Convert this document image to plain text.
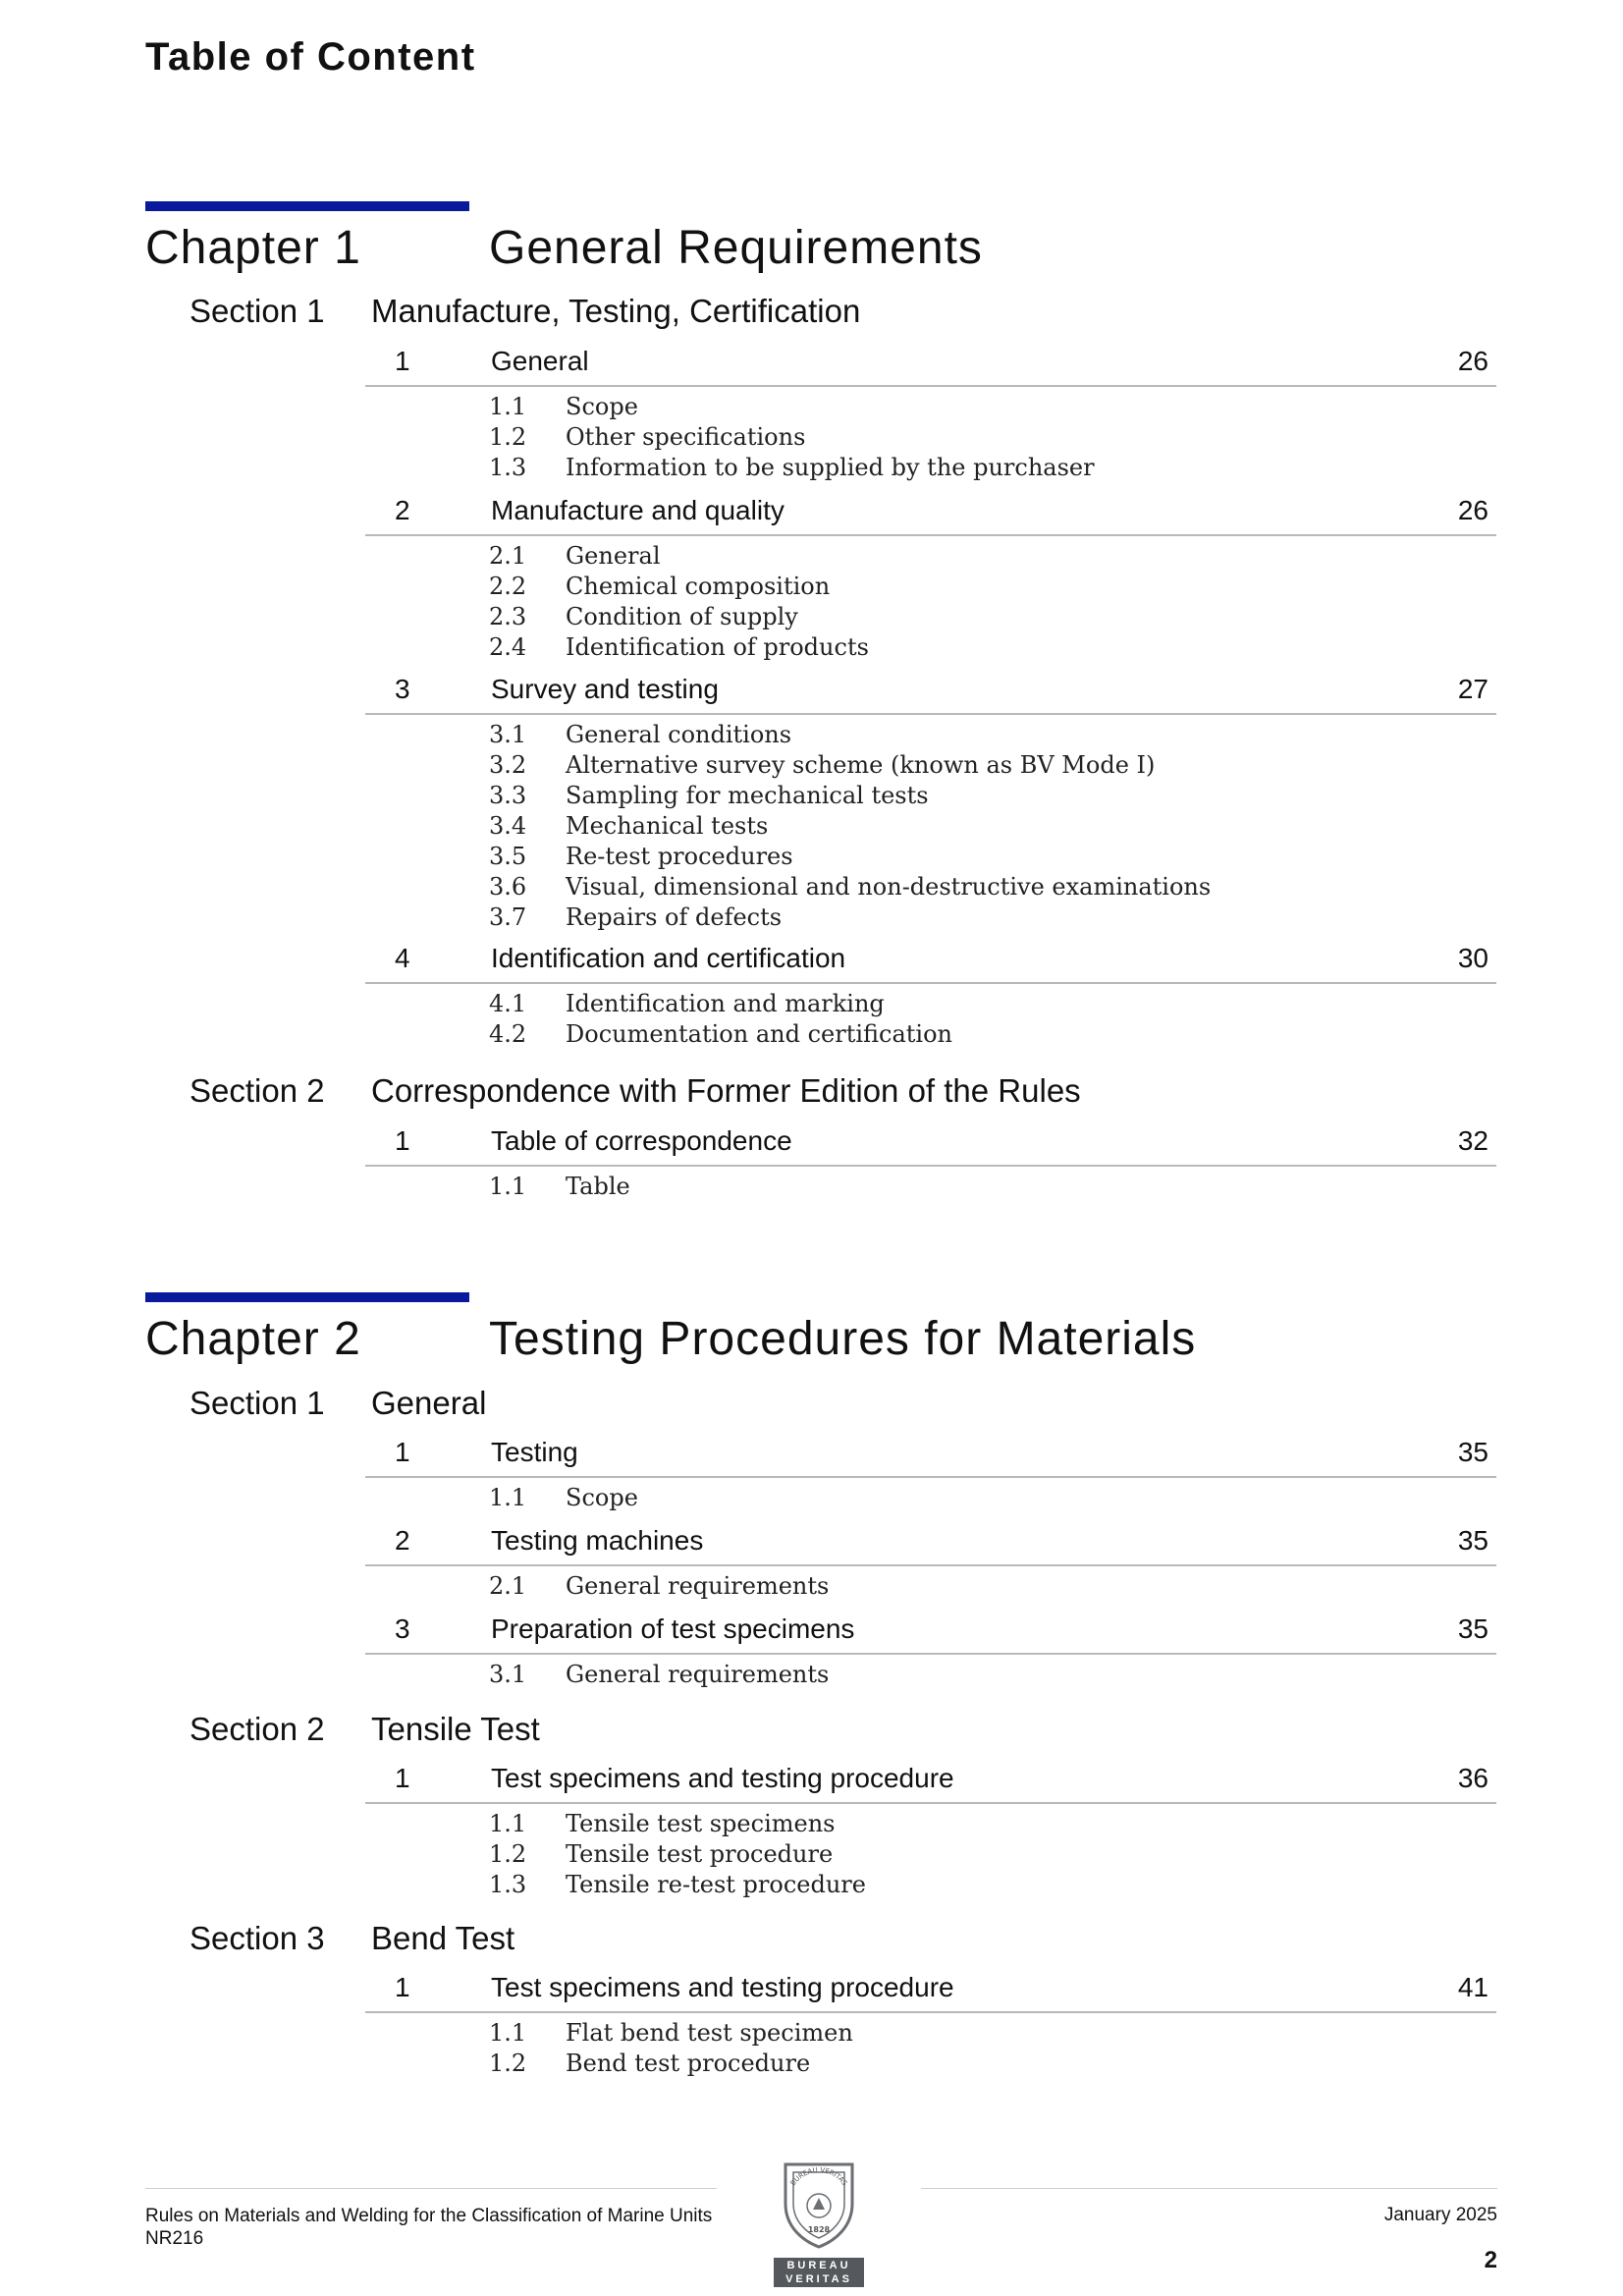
Table of Content
Chapter 1	General Requirements
Section 1 Manufacture, Testing, Certification
1	General	26
1.1 Scope
1.2 Other specifications
1.3 Information to be supplied by the purchaser
2	Manufacture and quality	26
2.1 General
2.2 Chemical composition
2.3 Condition of supply
2.4 Identification of products
3	Survey and testing	27
3.1 General conditions
3.2 Alternative survey scheme (known as BV Mode I)
3.3 Sampling for mechanical tests
3.4 Mechanical tests
3.5 Re-test procedures
3.6 Visual, dimensional and non-destructive examinations
3.7 Repairs of defects
4	Identification and certification	30
4.1 Identification and marking
4.2 Documentation and certification
Section 2 Correspondence with Former Edition of the Rules
1	Table of correspondence	32
1.1 Table
Chapter 2	Testing Procedures for Materials
Section 1 General
1	Testing	35
1.1 Scope
2	Testing machines	35
2.1 General requirements
3	Preparation of test specimens	35
3.1 General requirements
Section 2 Tensile Test
1	Test specimens and testing procedure	36
1.1 Tensile test specimens
1.2 Tensile test procedure
1.3 Tensile re-test procedure
Section 3 Bend Test
1	Test specimens and testing procedure	41
1.1 Flat bend test specimen
1.2 Bend test procedure
Rules on Materials and Welding for the Classification of Marine Units
NR216
BUREAU VERITAS
1828
BUREAU
VERITAS
January 2025
2
